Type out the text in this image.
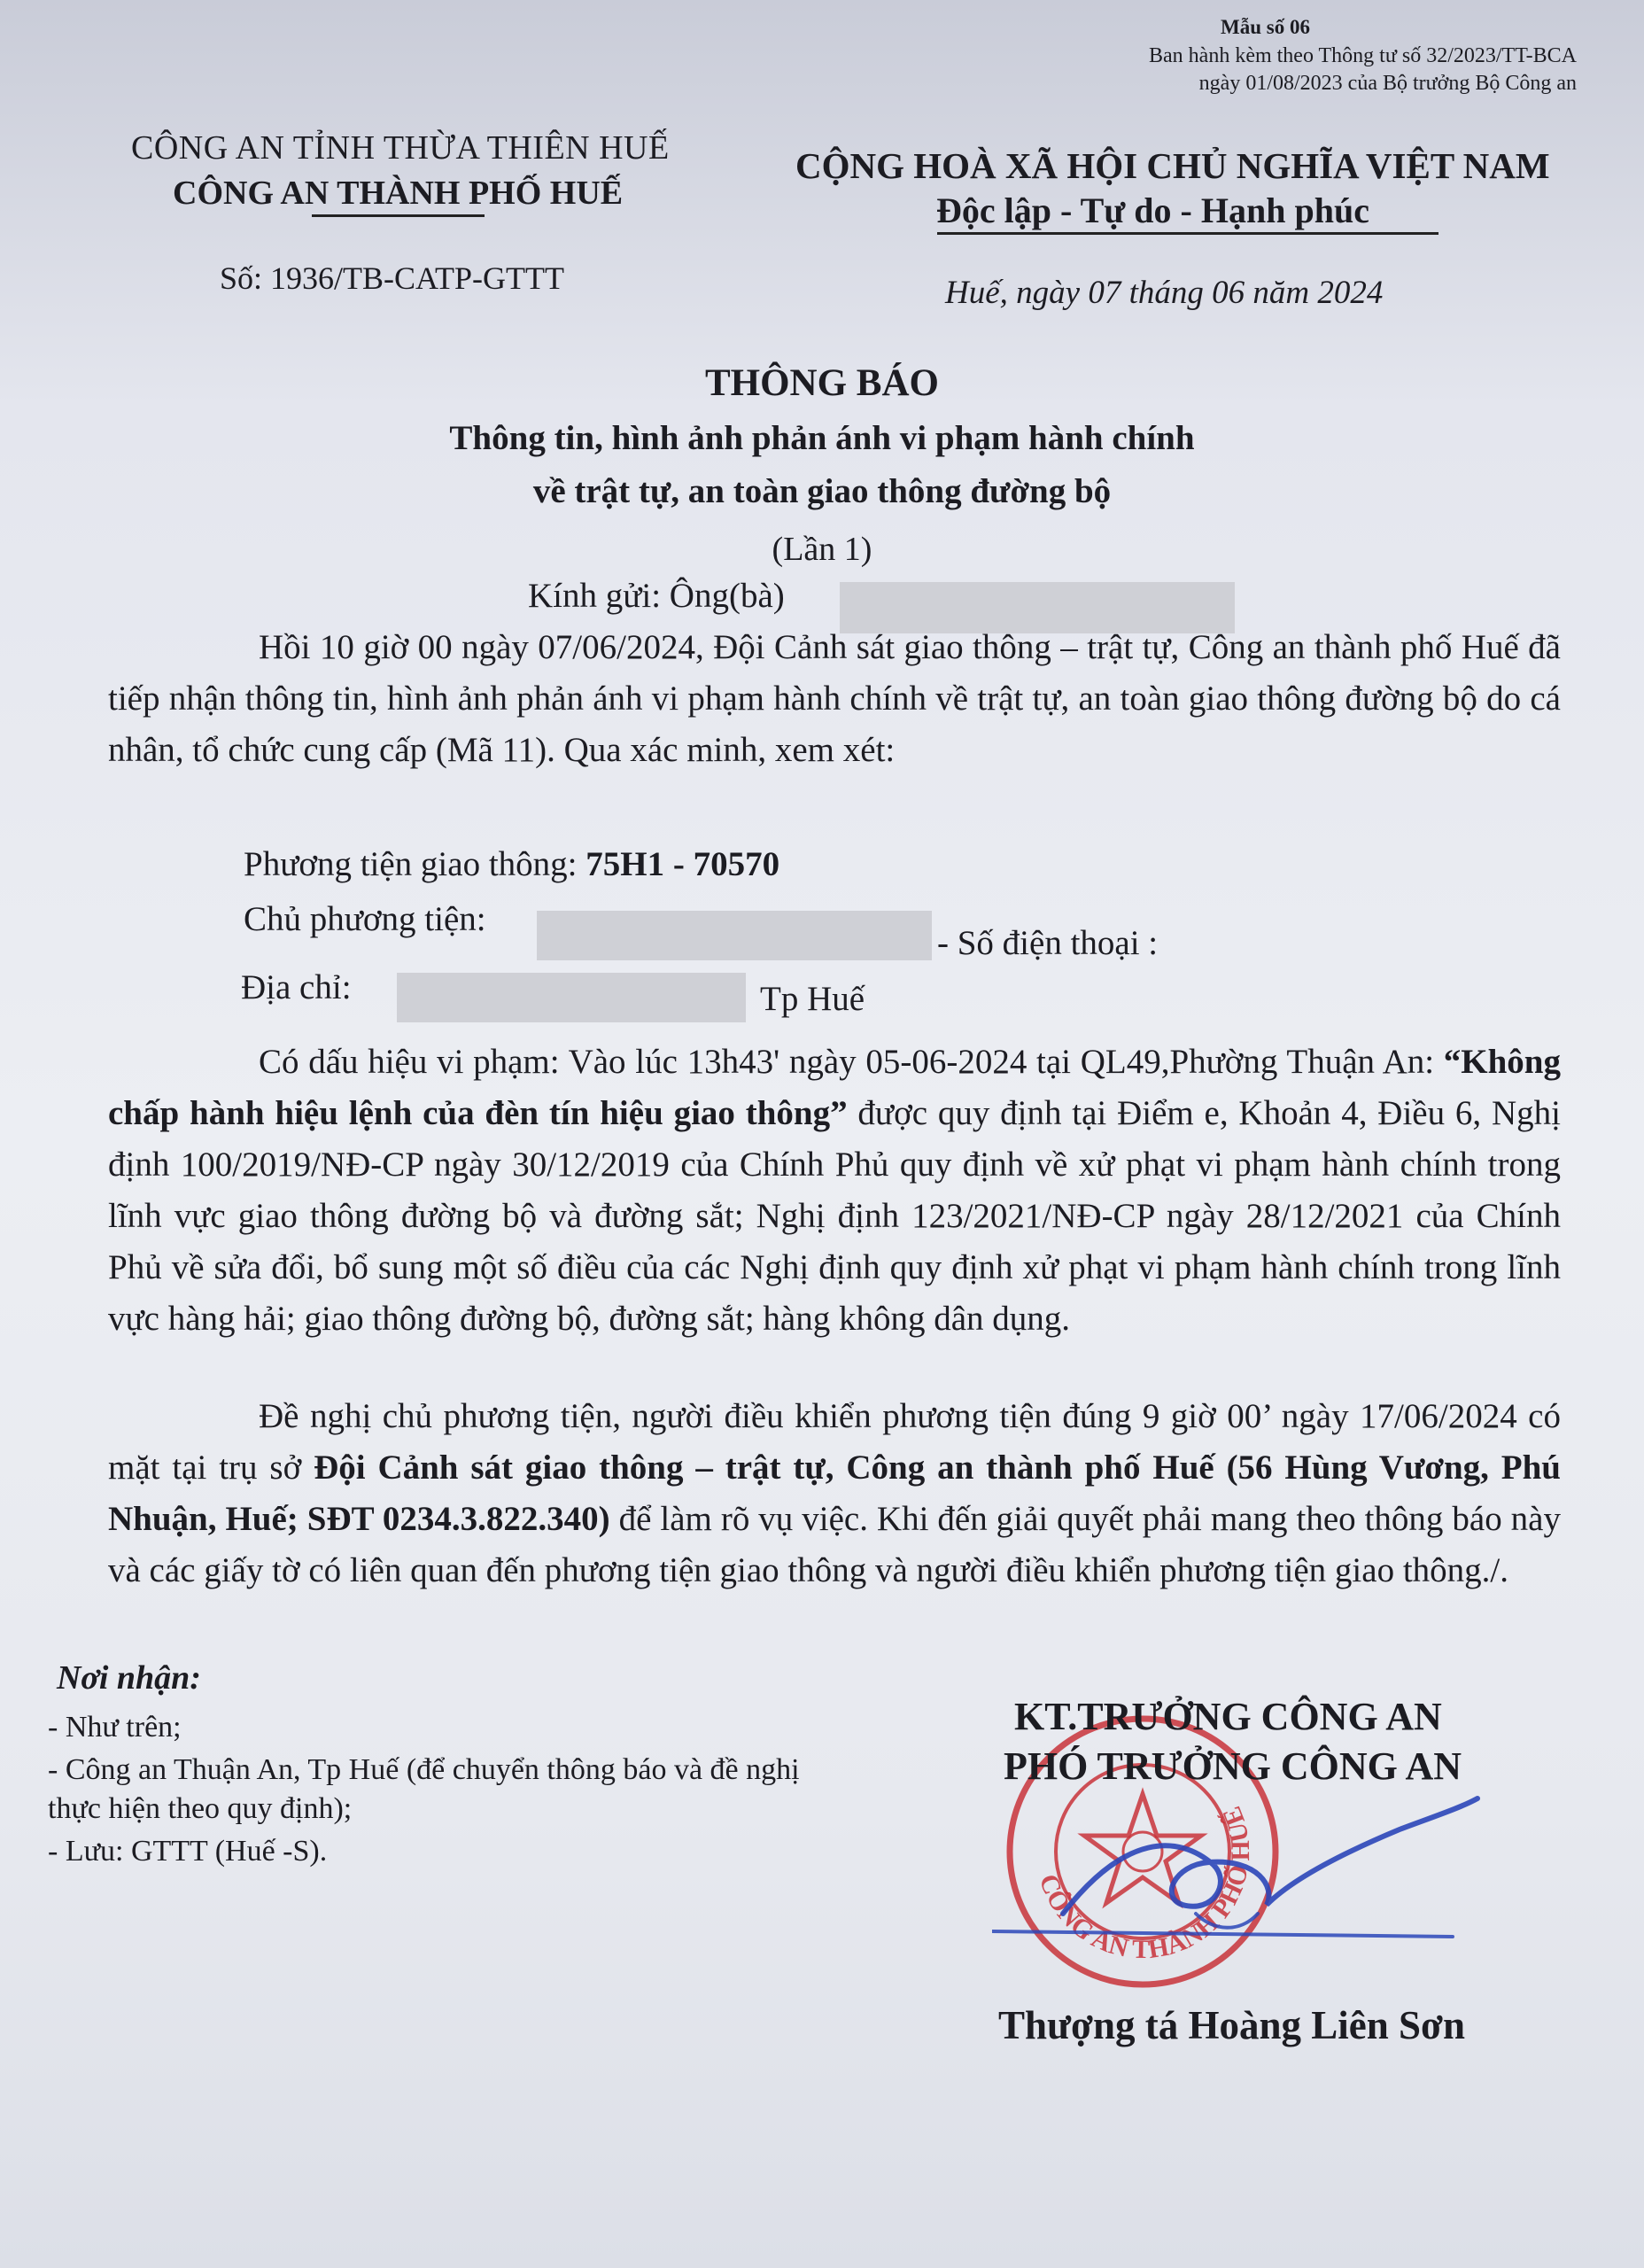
Mẫu số 06
Ban hành kèm theo Thông tư số 32/2023/TT-BCA
ngày 01/08/2023 của Bộ trưởng Bộ Công an
CÔNG AN TỈNH THỪA THIÊN HUẾ
CÔNG AN THÀNH PHỐ HUẾ
CỘNG HOÀ XÃ HỘI CHỦ NGHĨA VIỆT NAM
Độc lập - Tự do - Hạnh phúc
Số: 1936/TB-CATP-GTTT	Huế, ngày 07 tháng 06 năm 2024
THÔNG BÁO
Thông tin, hình ảnh phản ánh vi phạm hành chính
về trật tự, an toàn giao thông đường bộ
(Lần 1)
Kính gửi: Ông(bà)
Hồi 10 giờ 00 ngày 07/06/2024, Đội Cảnh sát giao thông – trật tự, Công an thành phố Huế đã tiếp nhận thông tin, hình ảnh phản ánh vi phạm hành chính về trật tự, an toàn giao thông đường bộ do cá nhân, tổ chức cung cấp (Mã 11). Qua xác minh, xem xét:
Phương tiện giao thông: 75H1 - 70570
Chủ phương tiện:
- Số điện thoại :
Địa chỉ:	Tp Huế
Có dấu hiệu vi phạm: Vào lúc 13h43' ngày 05-06-2024 tại QL49,Phường Thuận An: “Không chấp hành hiệu lệnh của đèn tín hiệu giao thông” được quy định tại Điểm e, Khoản 4, Điều 6, Nghị định 100/2019/NĐ-CP ngày 30/12/2019 của Chính Phủ quy định về xử phạt vi phạm hành chính trong lĩnh vực giao thông đường bộ và đường sắt; Nghị định 123/2021/NĐ-CP ngày 28/12/2021 của Chính Phủ về sửa đổi, bổ sung một số điều của các Nghị định quy định xử phạt vi phạm hành chính trong lĩnh vực hàng hải; giao thông đường bộ, đường sắt; hàng không dân dụng.
Đề nghị chủ phương tiện, người điều khiển phương tiện đúng 9 giờ 00’ ngày 17/06/2024 có mặt tại trụ sở Đội Cảnh sát giao thông – trật tự, Công an thành phố Huế (56 Hùng Vương, Phú Nhuận, Huế; SĐT 0234.3.822.340) để làm rõ vụ việc. Khi đến giải quyết phải mang theo thông báo này và các giấy tờ có liên quan đến phương tiện giao thông và người điều khiển phương tiện giao thông./.
Nơi nhận:
- Như trên;
- Công an Thuận An, Tp Huế (để chuyển thông báo và đề nghị thực hiện theo quy định);
- Lưu: GTTT (Huế -S).
CÔNG AN THÀNH PHỐ HUẾ
KT.TRƯỞNG CÔNG AN
PHÓ TRƯỞNG CÔNG AN
Thượng tá Hoàng Liên Sơn
